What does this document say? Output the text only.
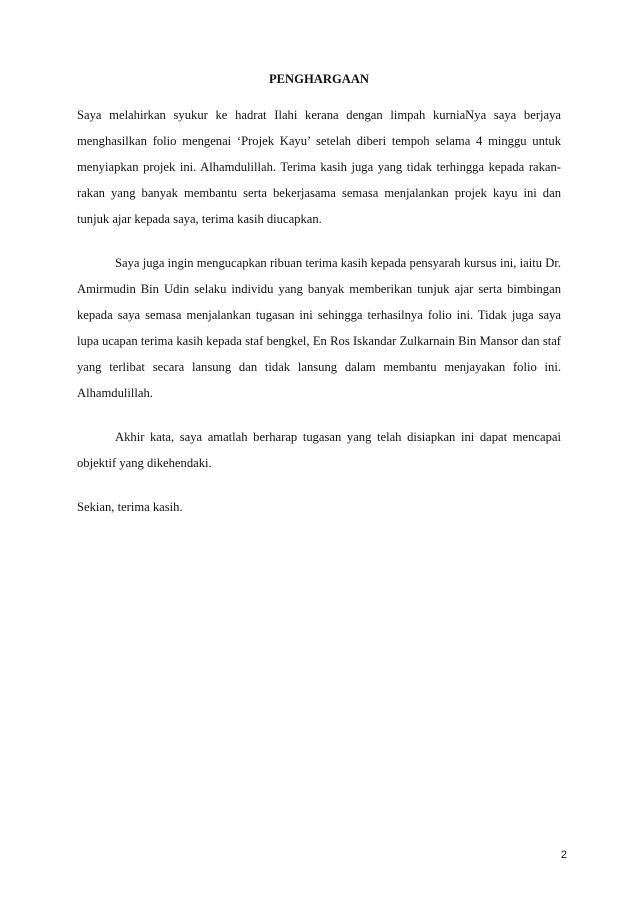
PENGHARGAAN

Saya melahirkan syukur ke hadrat Ilahi kerana dengan limpah kurniaNya saya berjaya menghasilkan folio mengenai ‘Projek Kayu’ setelah diberi tempoh selama 4 minggu untuk menyiapkan projek ini. Alhamdulillah. Terima kasih juga yang tidak terhingga kepada rakan-rakan yang banyak membantu serta bekerjasama semasa menjalankan projek kayu ini dan tunjuk ajar kepada saya, terima kasih diucapkan.

Saya juga ingin mengucapkan ribuan terima kasih kepada pensyarah kursus ini, iaitu Dr. Amirmudin Bin Udin selaku individu yang banyak memberikan tunjuk ajar serta bimbingan kepada saya semasa menjalankan tugasan ini sehingga terhasilnya folio ini. Tidak juga saya lupa ucapan terima kasih kepada staf bengkel, En Ros Iskandar Zulkarnain Bin Mansor dan staf yang terlibat secara lansung dan tidak lansung dalam membantu menjayakan folio ini. Alhamdulillah.

Akhir kata, saya amatlah berharap tugasan yang telah disiapkan ini dapat mencapai objektif yang dikehendaki.

Sekian, terima kasih.

2
